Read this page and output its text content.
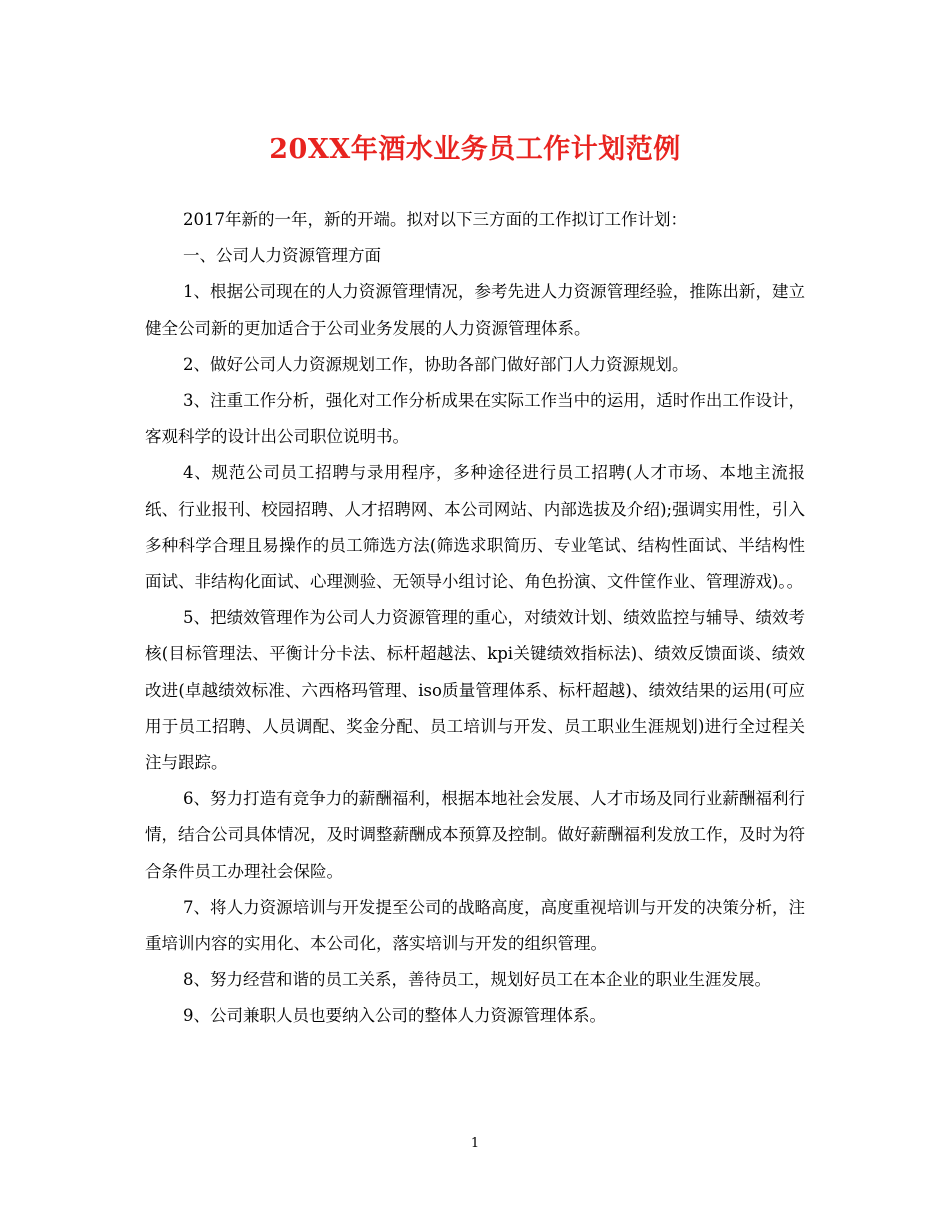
20XX年酒水业务员工作计划范例

2017年新的一年，新的开端。拟对以下三方面的工作拟订工作计划：

一、公司人力资源管理方面

1、根据公司现在的人力资源管理情况，参考先进人力资源管理经验，推陈出新，建立健全公司新的更加适合于公司业务发展的人力资源管理体系。

2、做好公司人力资源规划工作，协助各部门做好部门人力资源规划。

3、注重工作分析，强化对工作分析成果在实际工作当中的运用，适时作出工作设计，客观科学的设计出公司职位说明书。

4、规范公司员工招聘与录用程序，多种途径进行员工招聘(人才市场、本地主流报纸、行业报刊、校园招聘、人才招聘网、本公司网站、内部选拔及介绍);强调实用性，引入多种科学合理且易操作的员工筛选方法(筛选求职简历、专业笔试、结构性面试、半结构性面试、非结构化面试、心理测验、无领导小组讨论、角色扮演、文件筐作业、管理游戏)。。

5、把绩效管理作为公司人力资源管理的重心，对绩效计划、绩效监控与辅导、绩效考核(目标管理法、平衡计分卡法、标杆超越法、kpi关键绩效指标法)、绩效反馈面谈、绩效改进(卓越绩效标准、六西格玛管理、iso质量管理体系、标杆超越)、绩效结果的运用(可应用于员工招聘、人员调配、奖金分配、员工培训与开发、员工职业生涯规划)进行全过程关注与跟踪。

6、努力打造有竞争力的薪酬福利，根据本地社会发展、人才市场及同行业薪酬福利行情，结合公司具体情况，及时调整薪酬成本预算及控制。做好薪酬福利发放工作，及时为符合条件员工办理社会保险。

7、将人力资源培训与开发提至公司的战略高度，高度重视培训与开发的决策分析，注重培训内容的实用化、本公司化，落实培训与开发的组织管理。

8、努力经营和谐的员工关系，善待员工，规划好员工在本企业的职业生涯发展。

9、公司兼职人员也要纳入公司的整体人力资源管理体系。

1
